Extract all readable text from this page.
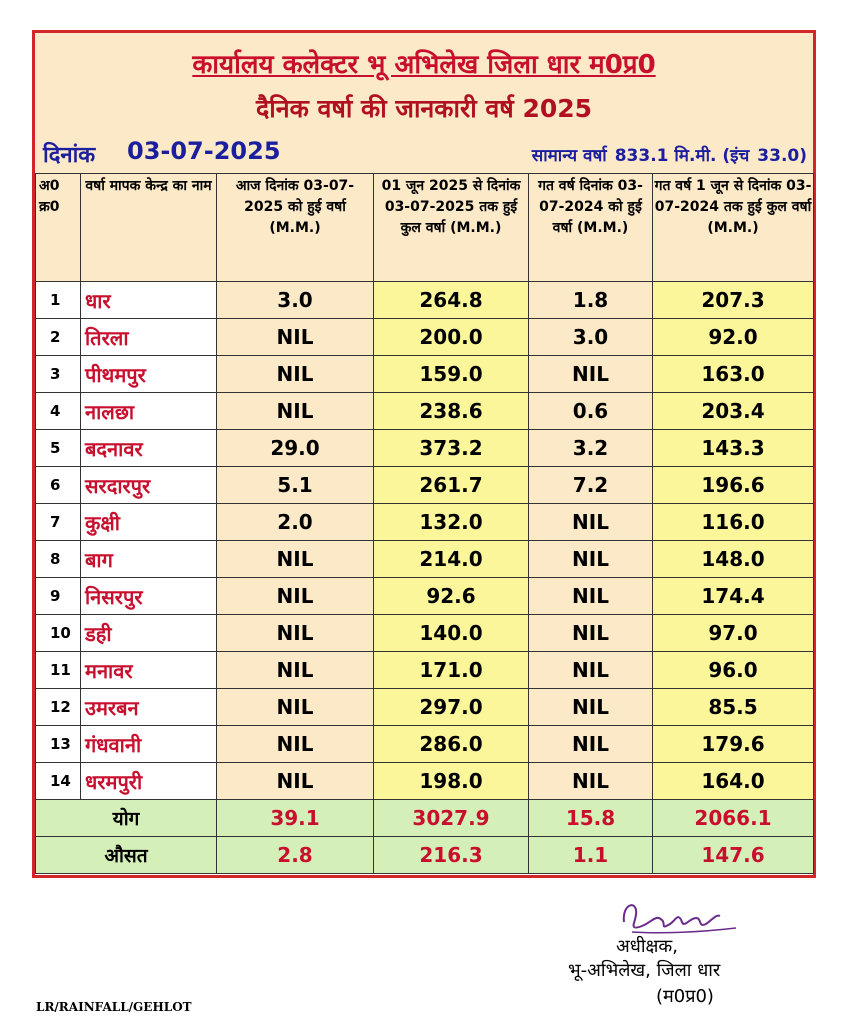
कार्यालय कलेक्टर भू अभिलेख जिला धार म0प्र0
दैनिक वर्षा की जानकारी वर्ष 2025
दिनांक 03-07-2025	सामान्य वर्षा 833.1 मि.मी. (इंच 33.0)
अ0 क्र0	वर्षा मापक केन्द्र का नाम	आज दिनांक 03-07-2025 को हुई वर्षा (M.M.)	01 जून 2025 से दिनांक 03-07-2025 तक हुई कुल वर्षा (M.M.)	गत वर्ष दिनांक 03-07-2024 को हुई वर्षा (M.M.)	गत वर्ष 1 जून से दिनांक 03-07-2024 तक हुई कुल वर्षा (M.M.)
1	धार	3.0	264.8	1.8	207.3
2	तिरला	NIL	200.0	3.0	92.0
3	पीथमपुर	NIL	159.0	NIL	163.0
4	नालछा	NIL	238.6	0.6	203.4
5	बदनावर	29.0	373.2	3.2	143.3
6	सरदारपुर	5.1	261.7	7.2	196.6
7	कुक्षी	2.0	132.0	NIL	116.0
8	बाग	NIL	214.0	NIL	148.0
9	निसरपुर	NIL	92.6	NIL	174.4
10	डही	NIL	140.0	NIL	97.0
11	मनावर	NIL	171.0	NIL	96.0
12	उमरबन	NIL	297.0	NIL	85.5
13	गंधवानी	NIL	286.0	NIL	179.6
14	धरमपुरी	NIL	198.0	NIL	164.0
योग		39.1	3027.9	15.8	2066.1
औसत		2.8	216.3	1.1	147.6
अधीक्षक,
भू-अभिलेख, जिला धार
(म0प्र0)
LR/RAINFALL/GEHLOT
